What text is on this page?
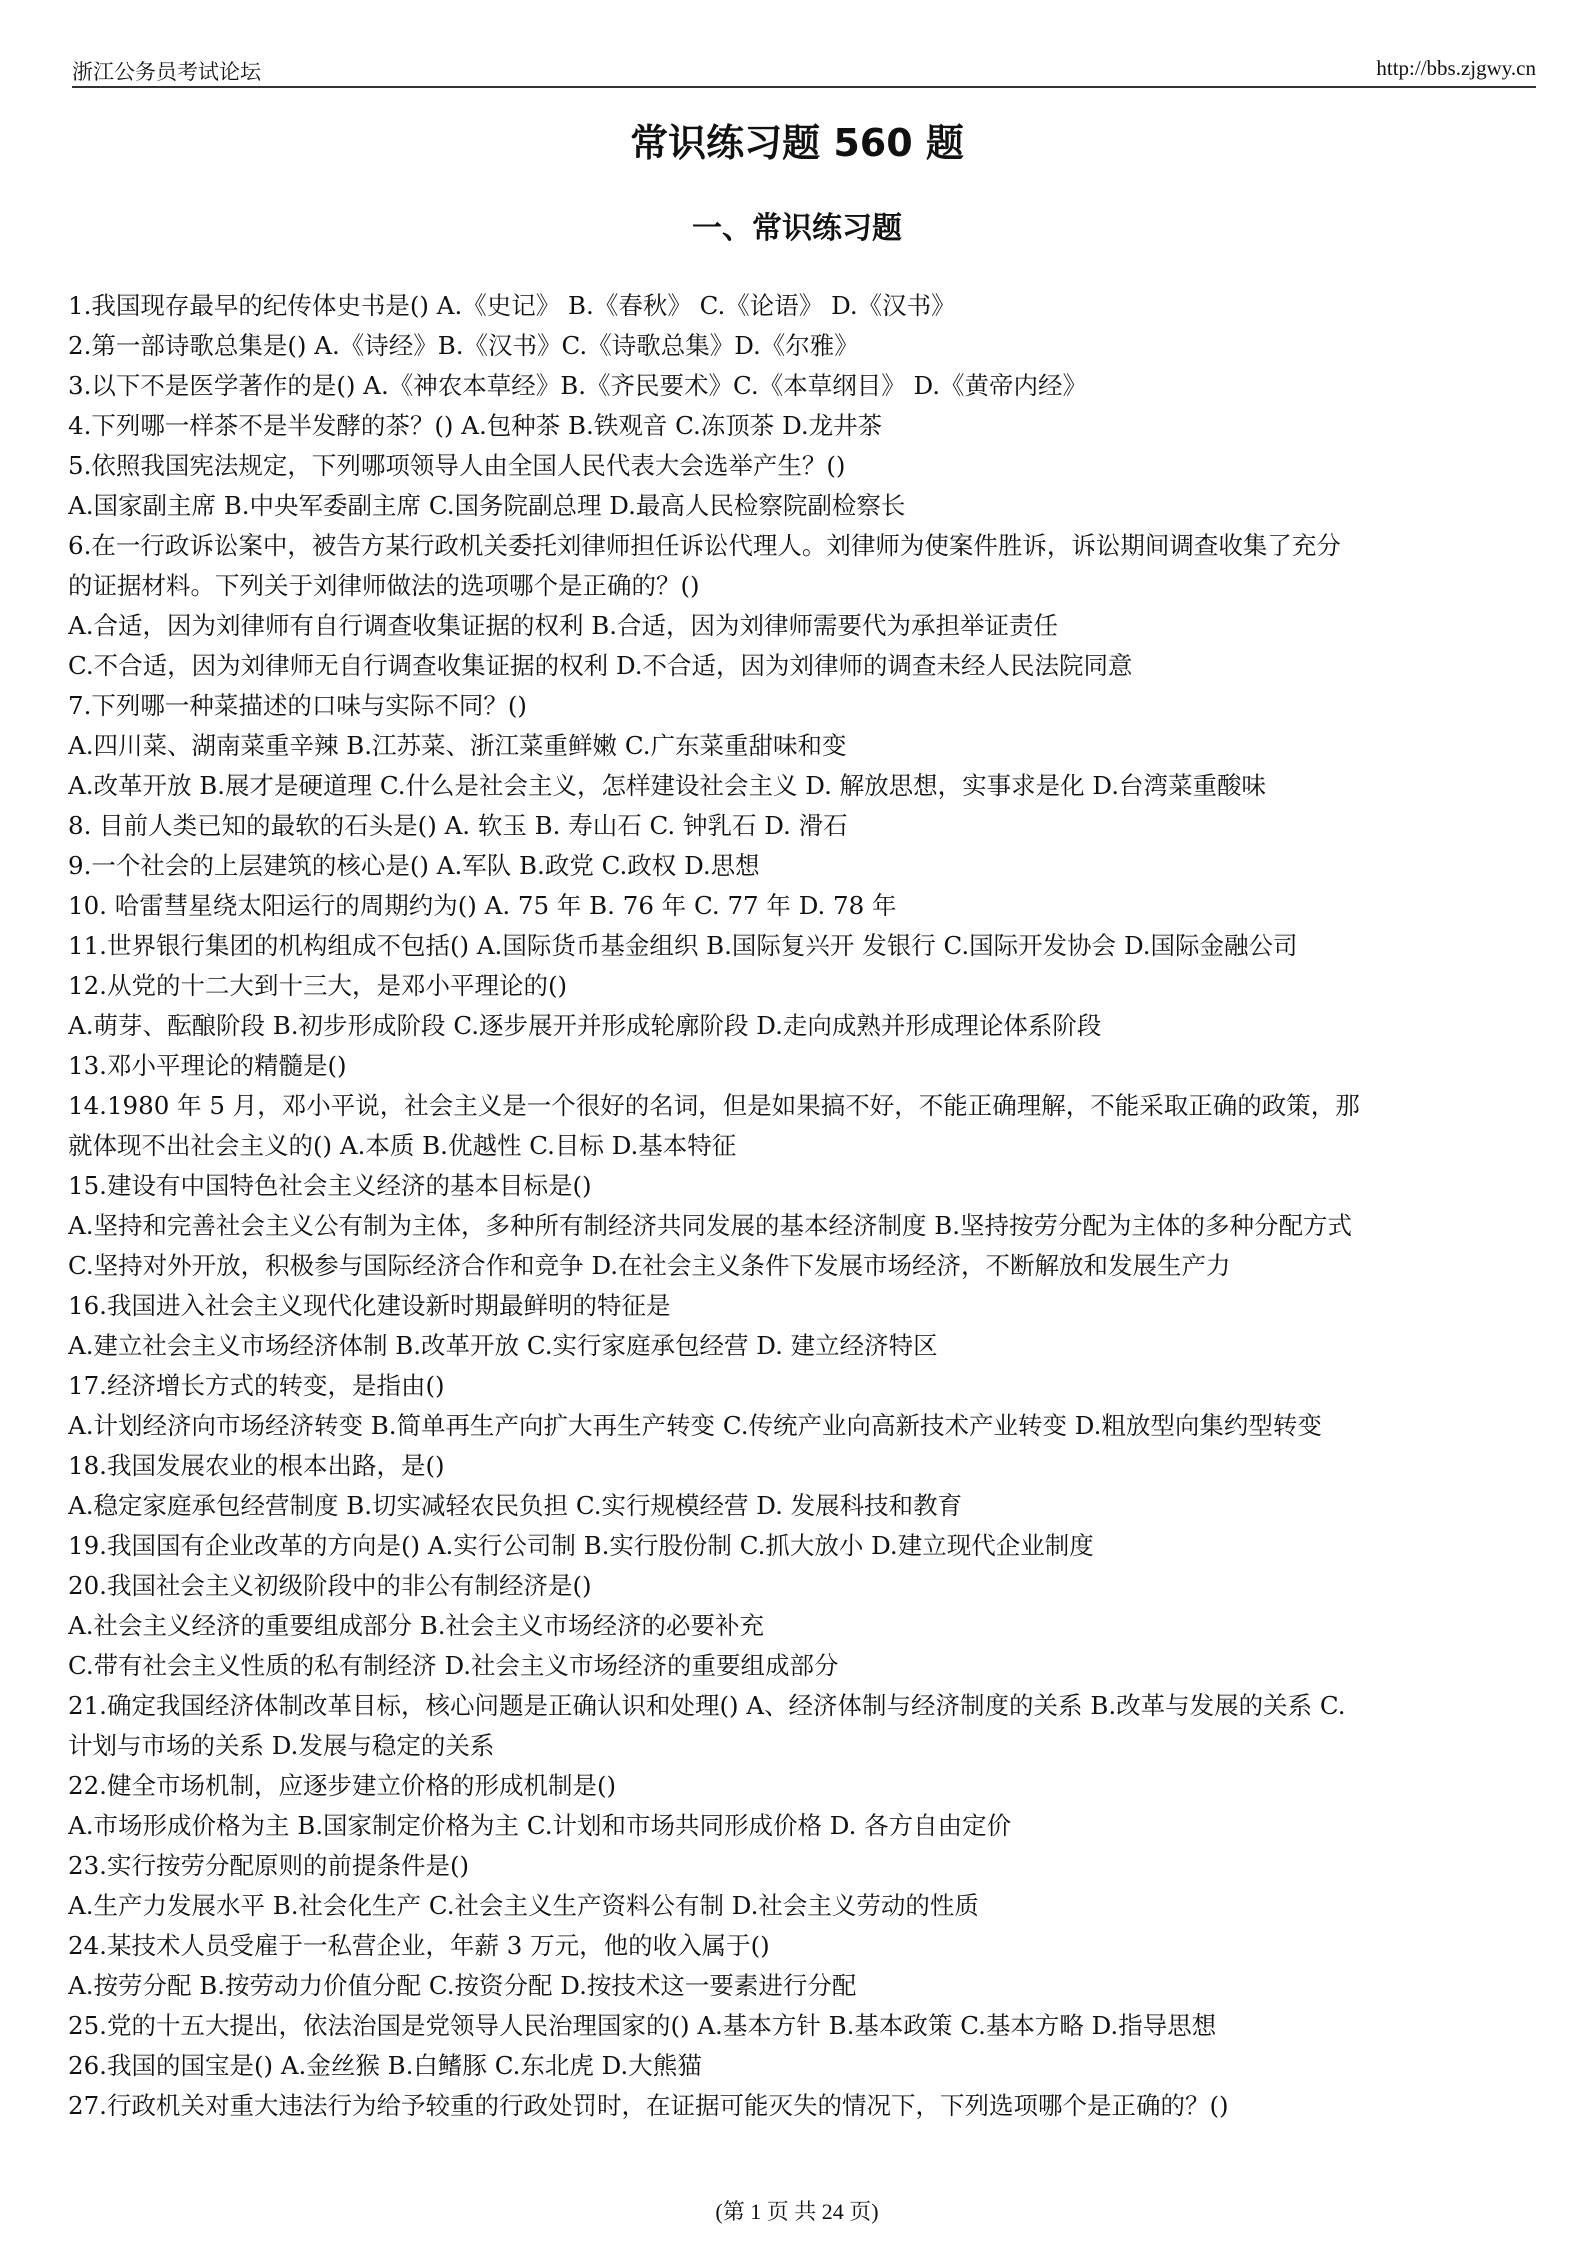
浙江公务员考试论坛	http://bbs.zjgwy.cn
常识练习题 560 题
一、常识练习题
1.我国现存最早的纪传体史书是() A.《史记》 B.《春秋》 C.《论语》 D.《汉书》
2.第一部诗歌总集是() A.《诗经》B.《汉书》C.《诗歌总集》D.《尔雅》
3.以下不是医学著作的是() A.《神农本草经》B.《齐民要术》C.《本草纲目》 D.《黄帝内经》
4.下列哪一样茶不是半发酵的茶？() A.包种茶 B.铁观音 C.冻顶茶 D.龙井茶
5.依照我国宪法规定，下列哪项领导人由全国人民代表大会选举产生？()
A.国家副主席 B.中央军委副主席 C.国务院副总理 D.最高人民检察院副检察长
6.在一行政诉讼案中，被告方某行政机关委托刘律师担任诉讼代理人。刘律师为使案件胜诉，诉讼期间调查收集了充分
的证据材料。下列关于刘律师做法的选项哪个是正确的？()
A.合适，因为刘律师有自行调查收集证据的权利 B.合适，因为刘律师需要代为承担举证责任
C.不合适，因为刘律师无自行调查收集证据的权利 D.不合适，因为刘律师的调查未经人民法院同意
7.下列哪一种菜描述的口味与实际不同？()
A.四川菜、湖南菜重辛辣 B.江苏菜、浙江菜重鲜嫩 C.广东菜重甜味和变
A.改革开放 B.展才是硬道理 C.什么是社会主义，怎样建设社会主义 D. 解放思想，实事求是化 D.台湾菜重酸味
8. 目前人类已知的最软的石头是() A. 软玉 B. 寿山石 C. 钟乳石 D. 滑石
9.一个社会的上层建筑的核心是() A.军队 B.政党 C.政权 D.思想
10. 哈雷彗星绕太阳运行的周期约为() A. 75 年 B. 76 年 C. 77 年 D. 78 年
11.世界银行集团的机构组成不包括() A.国际货币基金组织 B.国际复兴开 发银行 C.国际开发协会 D.国际金融公司
12.从党的十二大到十三大，是邓小平理论的()
A.萌芽、酝酿阶段 B.初步形成阶段 C.逐步展开并形成轮廓阶段 D.走向成熟并形成理论体系阶段
13.邓小平理论的精髓是()
14.1980 年 5 月，邓小平说，社会主义是一个很好的名词，但是如果搞不好，不能正确理解，不能采取正确的政策，那
就体现不出社会主义的() A.本质 B.优越性 C.目标 D.基本特征
15.建设有中国特色社会主义经济的基本目标是()
A.坚持和完善社会主义公有制为主体，多种所有制经济共同发展的基本经济制度 B.坚持按劳分配为主体的多种分配方式
C.坚持对外开放，积极参与国际经济合作和竞争 D.在社会主义条件下发展市场经济，不断解放和发展生产力
16.我国进入社会主义现代化建设新时期最鲜明的特征是
A.建立社会主义市场经济体制 B.改革开放 C.实行家庭承包经营 D. 建立经济特区
17.经济增长方式的转变，是指由()
A.计划经济向市场经济转变 B.简单再生产向扩大再生产转变 C.传统产业向高新技术产业转变 D.粗放型向集约型转变
18.我国发展农业的根本出路，是()
A.稳定家庭承包经营制度 B.切实减轻农民负担 C.实行规模经营 D. 发展科技和教育
19.我国国有企业改革的方向是() A.实行公司制 B.实行股份制 C.抓大放小 D.建立现代企业制度
20.我国社会主义初级阶段中的非公有制经济是()
A.社会主义经济的重要组成部分 B.社会主义市场经济的必要补充
C.带有社会主义性质的私有制经济 D.社会主义市场经济的重要组成部分
21.确定我国经济体制改革目标，核心问题是正确认识和处理() A、经济体制与经济制度的关系 B.改革与发展的关系 C.
计划与市场的关系 D.发展与稳定的关系
22.健全市场机制，应逐步建立价格的形成机制是()
A.市场形成价格为主 B.国家制定价格为主 C.计划和市场共同形成价格 D. 各方自由定价
23.实行按劳分配原则的前提条件是()
A.生产力发展水平 B.社会化生产 C.社会主义生产资料公有制 D.社会主义劳动的性质
24.某技术人员受雇于一私营企业，年薪 3 万元，他的收入属于()
A.按劳分配 B.按劳动力价值分配 C.按资分配 D.按技术这一要素进行分配
25.党的十五大提出，依法治国是党领导人民治理国家的() A.基本方针 B.基本政策 C.基本方略 D.指导思想
26.我国的国宝是() A.金丝猴 B.白鳍豚 C.东北虎 D.大熊猫
27.行政机关对重大违法行为给予较重的行政处罚时，在证据可能灭失的情况下，下列选项哪个是正确的？()
(第 1 页 共 24 页)
